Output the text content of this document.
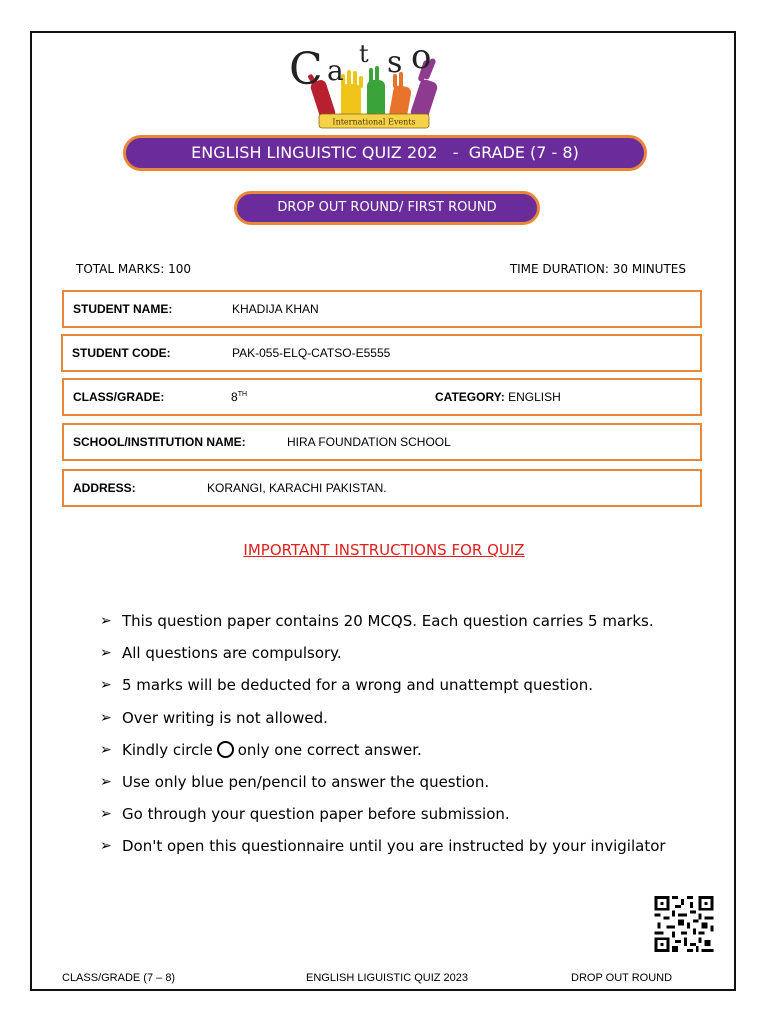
C a t s o
International Events
ENGLISH LINGUISTIC QUIZ 202   -  GRADE (7 - 8)
DROP OUT ROUND/ FIRST ROUND
TOTAL MARKS: 100	TIME DURATION: 30 MINUTES
STUDENT NAME:	KHADIJA KHAN
STUDENT CODE:	PAK-055-ELQ-CATSO-E5555
CLASS/GRADE:	8TH	CATEGORY: ENGLISH
SCHOOL/INSTITUTION NAME:	HIRA FOUNDATION SCHOOL
ADDRESS:	KORANGI, KARACHI PAKISTAN.
IMPORTANT INSTRUCTIONS FOR QUIZ
➢ This question paper contains 20 MCQS. Each question carries 5 marks.
➢ All questions are compulsory.
➢ 5 marks will be deducted for a wrong and unattempt question.
➢ Over writing is not allowed.
➢ Kindly circle only one correct answer.
➢ Use only blue pen/pencil to answer the question.
➢ Go through your question paper before submission.
➢ Don't open this questionnaire until you are instructed by your invigilator
CLASS/GRADE (7 – 8)	ENGLISH LIGUISTIC QUIZ 2023	DROP OUT ROUND
